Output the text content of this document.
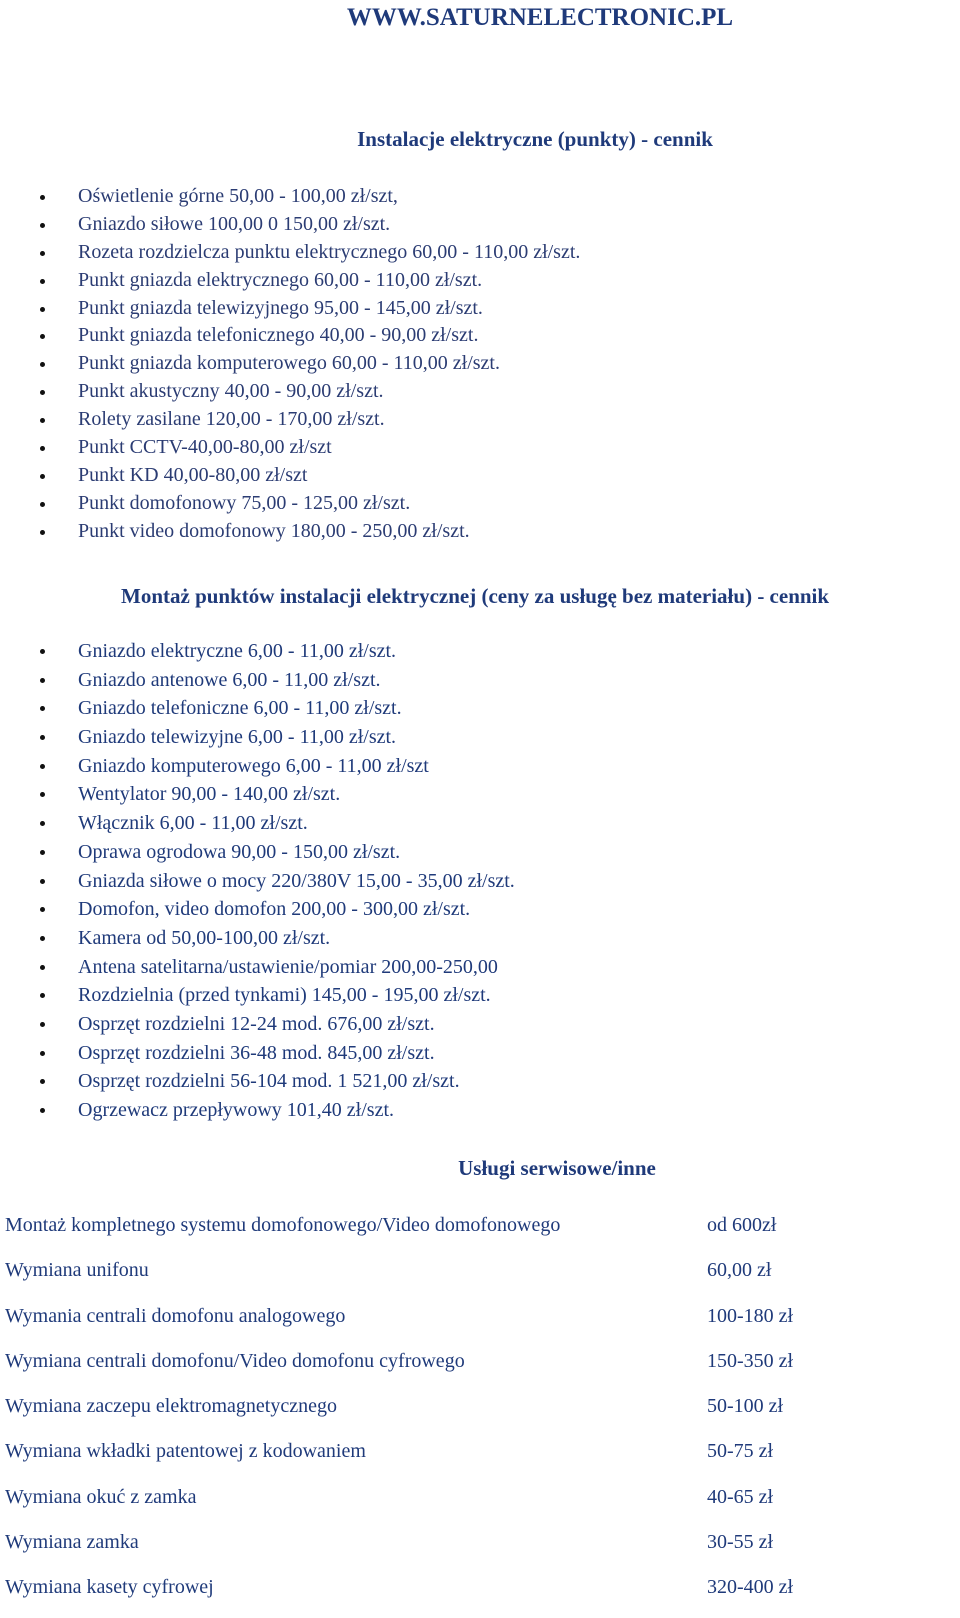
WWW.SATURNELECTRONIC.PL
Instalacje elektryczne (punkty) - cennik
Oświetlenie górne 50,00 - 100,00 zł/szt,
Gniazdo siłowe 100,00 0 150,00 zł/szt.
Rozeta rozdzielcza punktu elektrycznego 60,00 - 110,00 zł/szt.
Punkt gniazda elektrycznego 60,00 - 110,00 zł/szt.
Punkt gniazda telewizyjnego 95,00 - 145,00 zł/szt.
Punkt gniazda telefonicznego 40,00 - 90,00 zł/szt.
Punkt gniazda komputerowego 60,00 - 110,00 zł/szt.
Punkt akustyczny 40,00 - 90,00 zł/szt.
Rolety zasilane 120,00 - 170,00 zł/szt.
Punkt CCTV-40,00-80,00 zł/szt
Punkt KD 40,00-80,00 zł/szt
Punkt domofonowy 75,00 - 125,00 zł/szt.
Punkt video domofonowy 180,00 - 250,00 zł/szt.
Montaż punktów instalacji elektrycznej (ceny za usługę bez materiału) - cennik
Gniazdo elektryczne 6,00 - 11,00 zł/szt.
Gniazdo antenowe 6,00 - 11,00 zł/szt.
Gniazdo telefoniczne 6,00 - 11,00 zł/szt.
Gniazdo telewizyjne 6,00 - 11,00 zł/szt.
Gniazdo komputerowego 6,00 - 11,00 zł/szt
Wentylator 90,00 - 140,00 zł/szt.
Włącznik 6,00 - 11,00 zł/szt.
Oprawa ogrodowa 90,00 - 150,00 zł/szt.
Gniazda siłowe o mocy 220/380V 15,00 - 35,00 zł/szt.
Domofon, video domofon 200,00 - 300,00 zł/szt.
Kamera od 50,00-100,00 zł/szt.
Antena satelitarna/ustawienie/pomiar 200,00-250,00
Rozdzielnia (przed tynkami) 145,00 - 195,00 zł/szt.
Osprzęt rozdzielni 12-24 mod. 676,00 zł/szt.
Osprzęt rozdzielni 36-48 mod. 845,00 zł/szt.
Osprzęt rozdzielni 56-104 mod. 1 521,00 zł/szt.
Ogrzewacz przepływowy 101,40 zł/szt.
Usługi serwisowe/inne
Montaż kompletnego systemu domofonowego/Video domofonowego	od 600zł
Wymiana unifonu	60,00 zł
Wymania centrali domofonu analogowego	100-180 zł
Wymiana centrali domofonu/Video domofonu cyfrowego	150-350 zł
Wymiana zaczepu elektromagnetycznego	50-100 zł
Wymiana wkładki patentowej z kodowaniem	50-75 zł
Wymiana okuć z zamka	40-65 zł
Wymiana zamka	30-55 zł
Wymiana kasety cyfrowej	320-400 zł
